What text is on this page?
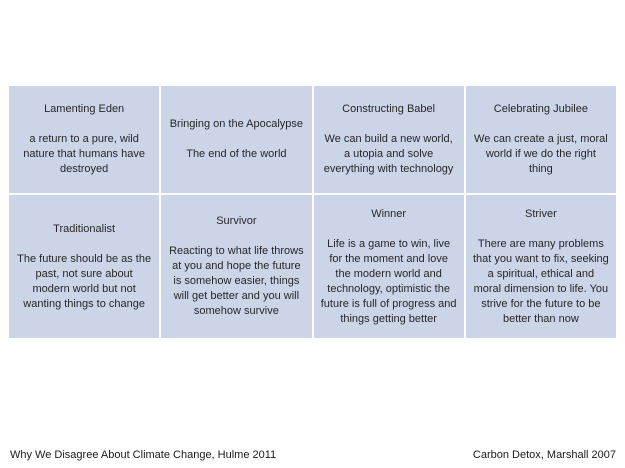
Lamenting Eden
a return to a pure, wild nature that humans have destroyed
Bringing on the Apocalypse
The end of the world
Constructing Babel
We can build a new world, a utopia and solve everything with technology
Celebrating Jubilee
We can create a just, moral world if we do the right thing
Traditionalist
The future should be as the past, not sure about modern world but not wanting things to change
Survivor
Reacting to what life throws at you and hope the future is somehow easier, things will get better and you will somehow survive
Winner
Life is a game to win, live for the moment and love the modern world and technology, optimistic the future is full of progress and things getting better
Striver
There are many problems that you want to fix, seeking a spiritual, ethical and moral dimension to life. You strive for the future to be better than now
Why We Disagree About Climate Change, Hulme 2011	Carbon Detox, Marshall 2007
